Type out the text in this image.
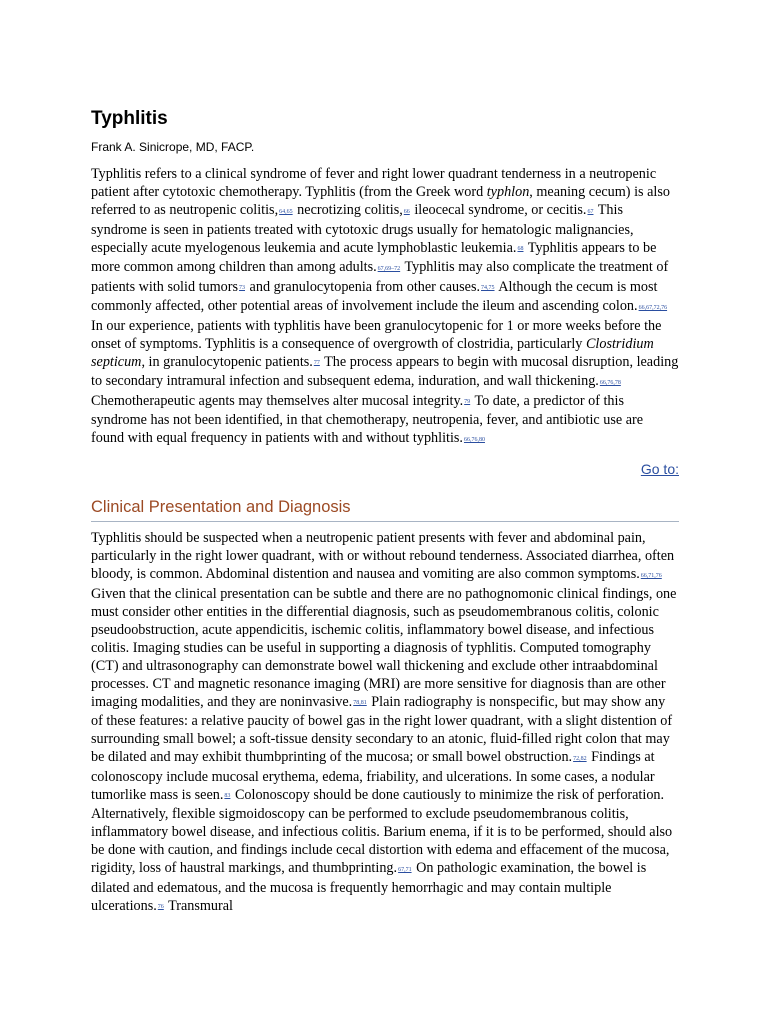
Typhlitis
Frank A. Sinicrope, MD, FACP.

Typhlitis refers to a clinical syndrome of fever and right lower quadrant tenderness in a neutropenic patient after cytotoxic chemotherapy. Typhlitis (from the Greek word typhlon, meaning cecum) is also referred to as neutropenic colitis,64,65 necrotizing colitis,66 ileocecal syndrome, or cecitis.67 This syndrome is seen in patients treated with cytotoxic drugs usually for hematologic malignancies, especially acute myelogenous leukemia and acute lymphoblastic leukemia.68 Typhlitis appears to be more common among children than among adults.67,69–72 Typhlitis may also complicate the treatment of patients with solid tumors73 and granulocytopenia from other causes.74,75 Although the cecum is most commonly affected, other potential areas of involvement include the ileum and ascending colon.66,67,72,76 In our experience, patients with typhlitis have been granulocytopenic for 1 or more weeks before the onset of symptoms. Typhlitis is a consequence of overgrowth of clostridia, particularly Clostridium septicum, in granulocytopenic patients.77 The process appears to begin with mucosal disruption, leading to secondary intramural infection and subsequent edema, induration, and wall thickening.66,76,78 Chemotherapeutic agents may themselves alter mucosal integrity.79 To date, a predictor of this syndrome has not been identified, in that chemotherapy, neutropenia, fever, and antibiotic use are found with equal frequency in patients with and without typhlitis.66,76,80

Go to:
Clinical Presentation and Diagnosis

Typhlitis should be suspected when a neutropenic patient presents with fever and abdominal pain, particularly in the right lower quadrant, with or without rebound tenderness. Associated diarrhea, often bloody, is common. Abdominal distention and nausea and vomiting are also common symptoms.66,71,76 Given that the clinical presentation can be subtle and there are no pathognomonic clinical findings, one must consider other entities in the differential diagnosis, such as pseudomembranous colitis, colonic pseudoobstruction, acute appendicitis, ischemic colitis, inflammatory bowel disease, and infectious colitis. Imaging studies can be useful in supporting a diagnosis of typhlitis. Computed tomography (CT) and ultrasonography can demonstrate bowel wall thickening and exclude other intraabdominal processes. CT and magnetic resonance imaging (MRI) are more sensitive for diagnosis than are other imaging modalities, and they are noninvasive.78,81 Plain radiography is nonspecific, but may show any of these features: a relative paucity of bowel gas in the right lower quadrant, with a slight distention of surrounding small bowel; a soft-tissue density secondary to an atonic, fluid-filled right colon that may be dilated and may exhibit thumbprinting of the mucosa; or small bowel obstruction.72,82 Findings at colonoscopy include mucosal erythema, edema, friability, and ulcerations. In some cases, a nodular tumorlike mass is seen.83 Colonoscopy should be done cautiously to minimize the risk of perforation. Alternatively, flexible sigmoidoscopy can be performed to exclude pseudomembranous colitis, inflammatory bowel disease, and infectious colitis. Barium enema, if it is to be performed, should also be done with caution, and findings include cecal distortion with edema and effacement of the mucosa, rigidity, loss of haustral markings, and thumbprinting.67,71 On pathologic examination, the bowel is dilated and edematous, and the mucosa is frequently hemorrhagic and may contain multiple ulcerations.76 Transmural
